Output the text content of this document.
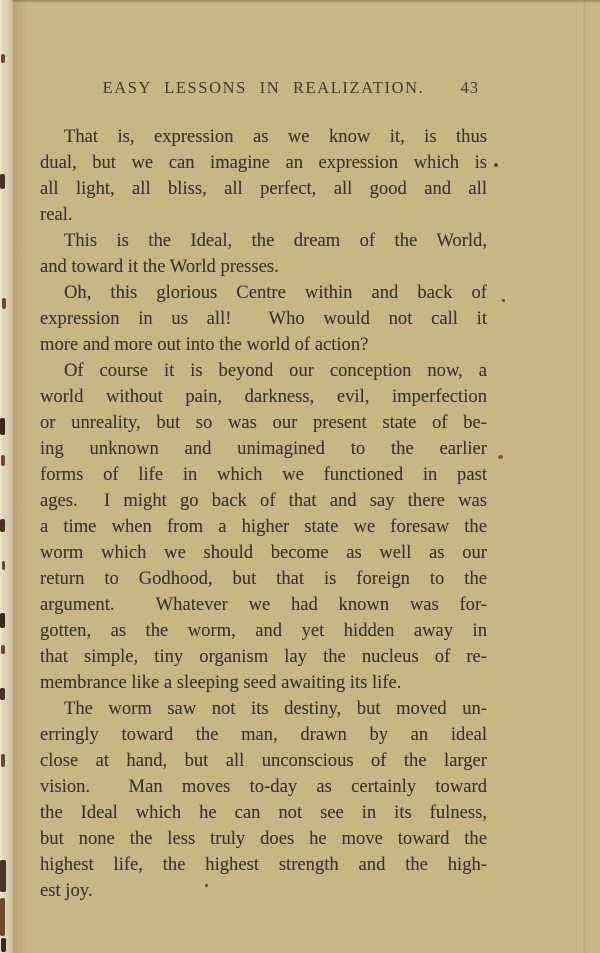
EASY LESSONS IN REALIZATION.	43
That is, expression as we know it, is thus
dual, but we can imagine an expression which is
all light, all bliss, all perfect, all good and all
real.
This is the Ideal, the dream of the World,
and toward it the World presses.
Oh, this glorious Centre within and back of
expression in us all!  Who would not call it
more and more out into the world of action?
Of course it is beyond our conception now, a
world without pain, darkness, evil, imperfection
or unreality, but so was our present state of be-
ing unknown and unimagined to the earlier
forms of life in which we functioned in past
ages.  I might go back of that and say there was
a time when from a higher state we foresaw the
worm which we should become as well as our
return to Godhood, but that is foreign to the
argument.  Whatever we had known was for-
gotten, as the worm, and yet hidden away in
that simple, tiny organism lay the nucleus of re-
membrance like a sleeping seed awaiting its life.
The worm saw not its destiny, but moved un-
erringly toward the man, drawn by an ideal
close at hand, but all unconscious of the larger
vision.  Man moves to-day as certainly toward
the Ideal which he can not see in its fulness,
but none the less truly does he move toward the
highest life, the highest strength and the high-
est joy.
